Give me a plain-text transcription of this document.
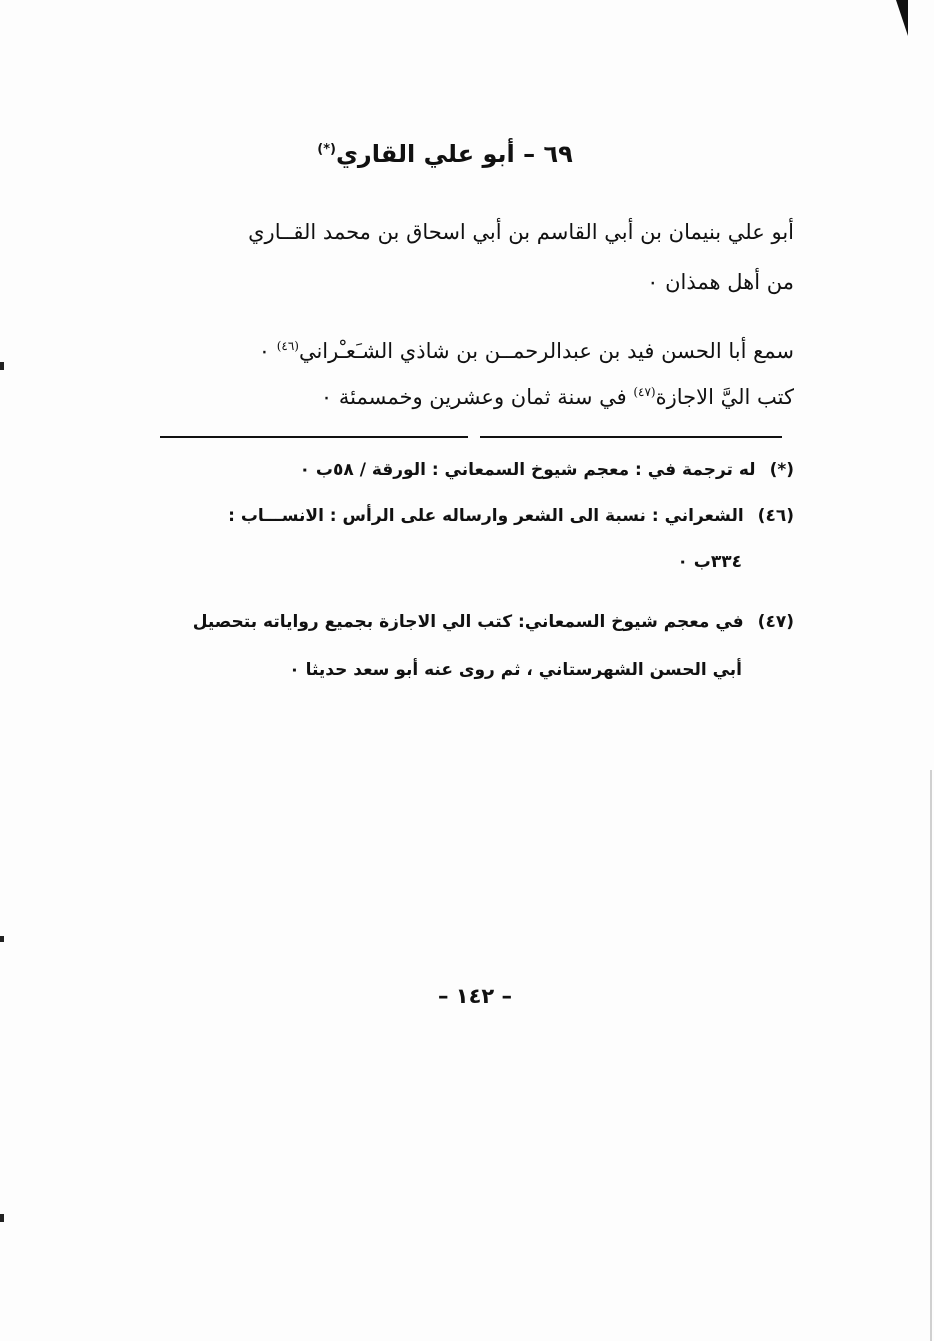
٦٩ – أبو علي القاري(*)
أبو علي بنيمان بن أبي القاسم بن أبي اسحاق بن محمد القــاري
من أهل همذان ٠
سمع أبا الحسن فيد بن عبدالرحمــن بن شاذي الشـَعـْراني$^{(٤٦)}$ ٠
كتب اليَّ الاجازة$^{(٤٧)}$ في سنة ثمان وعشرين وخمسمئة ٠
(*)له ترجمة في : معجم شيوخ السمعاني : الورقة / ٥٨ب ٠
(٤٦)الشعراني : نسبة الى الشعر وارساله على الرأس : الانســـاب :
٣٣٤ب ٠
(٤٧)في معجم شيوخ السمعاني: كتب الي الاجازة بجميع رواياته بتحصيل
أبي الحسن الشهرستاني ، ثم روى عنه أبو سعد حديثا ٠
– ١٤٢ –
